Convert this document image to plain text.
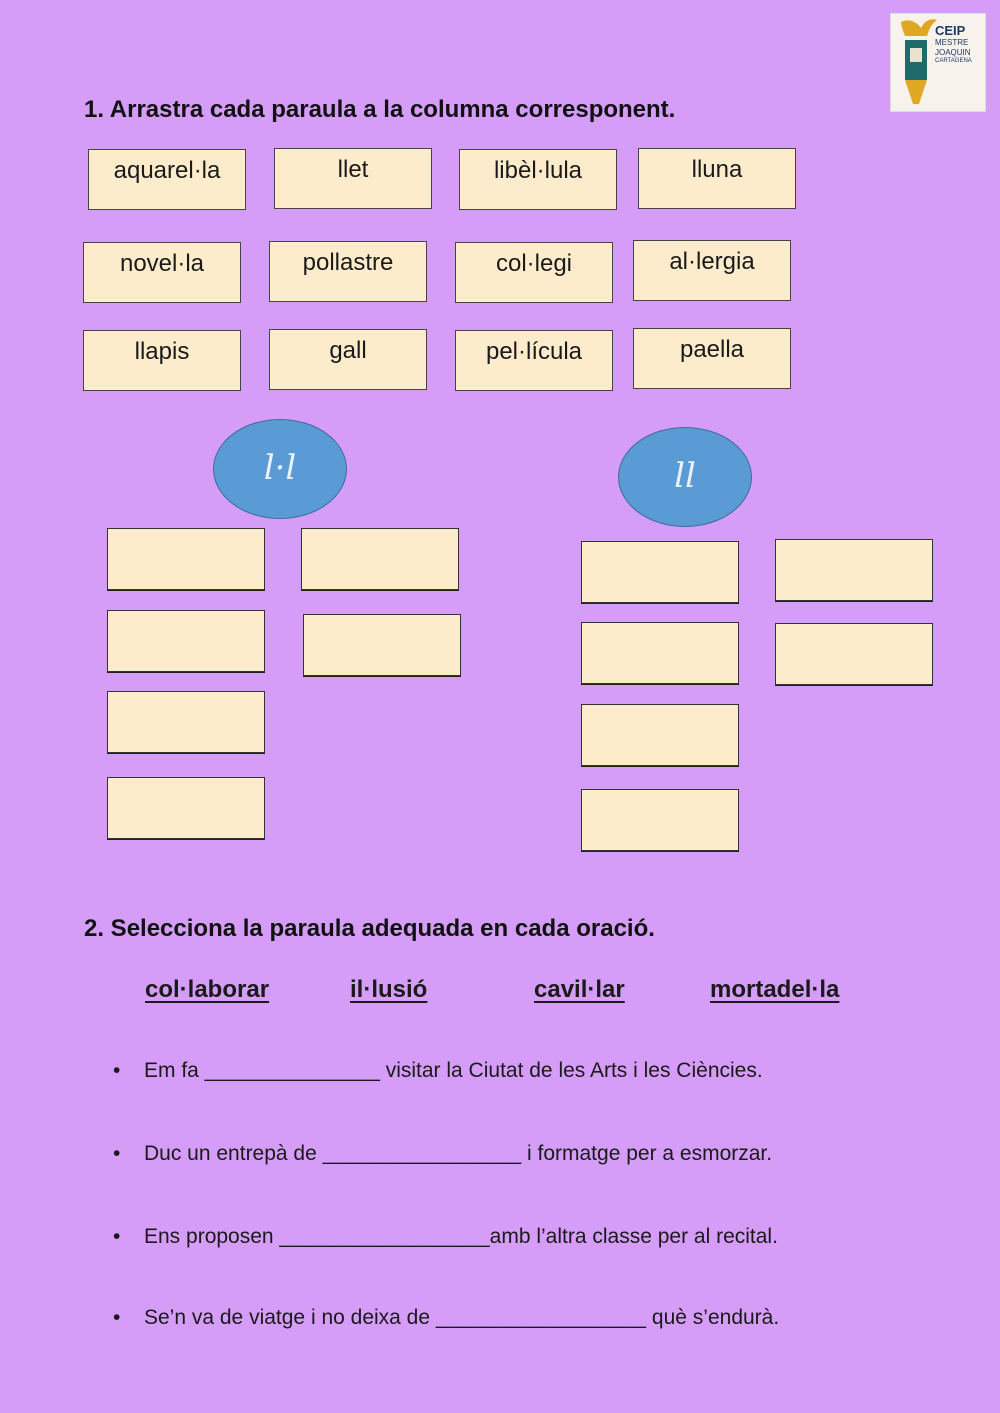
CEIP
MESTRE
JOAQUIN
CARTAGENA
1. Arrastra cada paraula a la columna corresponent.
aquarel·la	llet	libèl·lula	lluna
novel·la	pollastre	col·legi	al·lergia
llapis	gall	pel·lícula	paella
l·l	ll
2. Selecciona la paraula adequada en cada oració.
col·laborar	il·lusió	cavil·lar	mortadel·la
• Em fa _______________ visitar la Ciutat de les Arts i les Ciències.
• Duc un entrepà de _________________ i formatge per a esmorzar.
• Ens proposen __________________amb l’altra classe per al recital.
• Se’n va de viatge i no deixa de __________________ què s’endurà.
